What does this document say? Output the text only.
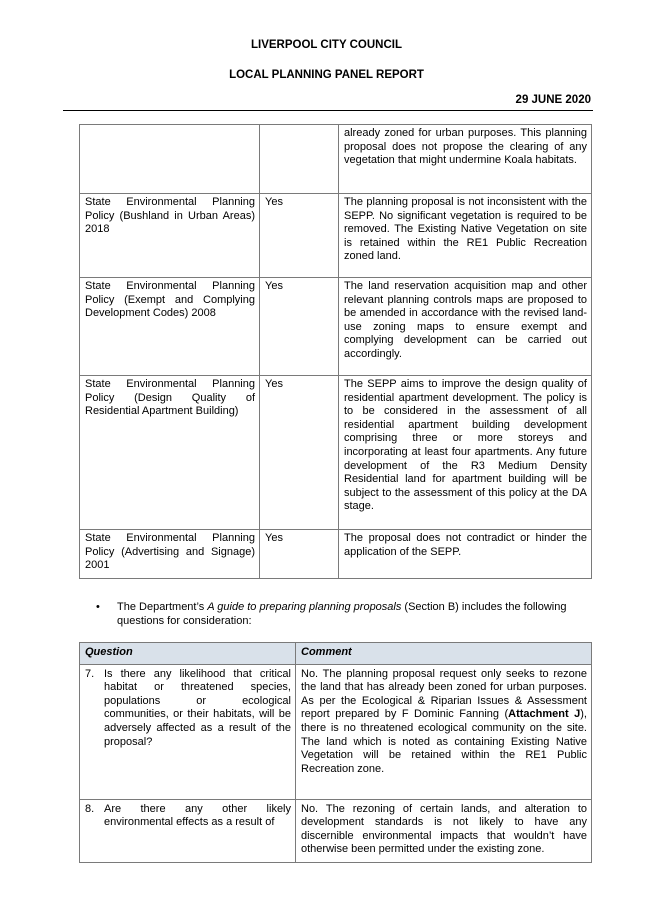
LIVERPOOL CITY COUNCIL
LOCAL PLANNING PANEL REPORT
29 JUNE 2020
		already zoned for urban purposes. This planning proposal does not propose the clearing of any vegetation that might undermine Koala habitats.
State Environmental Planning Policy (Bushland in Urban Areas) 2018	Yes	The planning proposal is not inconsistent with the SEPP. No significant vegetation is required to be removed. The Existing Native Vegetation on site is retained within the RE1 Public Recreation zoned land.
State Environmental Planning Policy (Exempt and Complying Development Codes) 2008	Yes	The land reservation acquisition map and other relevant planning controls maps are proposed to be amended in accordance with the revised land-use zoning maps to ensure exempt and complying development can be carried out accordingly.
State Environmental Planning Policy (Design Quality of Residential Apartment Building)	Yes	The SEPP aims to improve the design quality of residential apartment development. The policy is to be considered in the assessment of all residential apartment building development comprising three or more storeys and incorporating at least four apartments. Any future development of the R3 Medium Density Residential land for apartment building will be subject to the assessment of this policy at the DA stage.
State Environmental Planning Policy (Advertising and Signage) 2001	Yes	The proposal does not contradict or hinder the application of the SEPP.
• The Department’s A guide to preparing planning proposals (Section B) includes the following questions for consideration:
Question	Comment

7. Is there any likelihood that critical habitat or threatened species, populations or ecological communities, or their habitats, will be adversely affected as a result of the proposal?	No. The planning proposal request only seeks to rezone the land that has already been zoned for urban purposes. As per the Ecological & Riparian Issues & Assessment report prepared by F Dominic Fanning (Attachment J), there is no threatened ecological community on the site. The land which is noted as containing Existing Native Vegetation will be retained within the RE1 Public Recreation zone.

8. Are there any other likely environmental effects as a result of	No. The rezoning of certain lands, and alteration to development standards is not likely to have any discernible environmental impacts that wouldn’t have otherwise been permitted under the existing zone.
